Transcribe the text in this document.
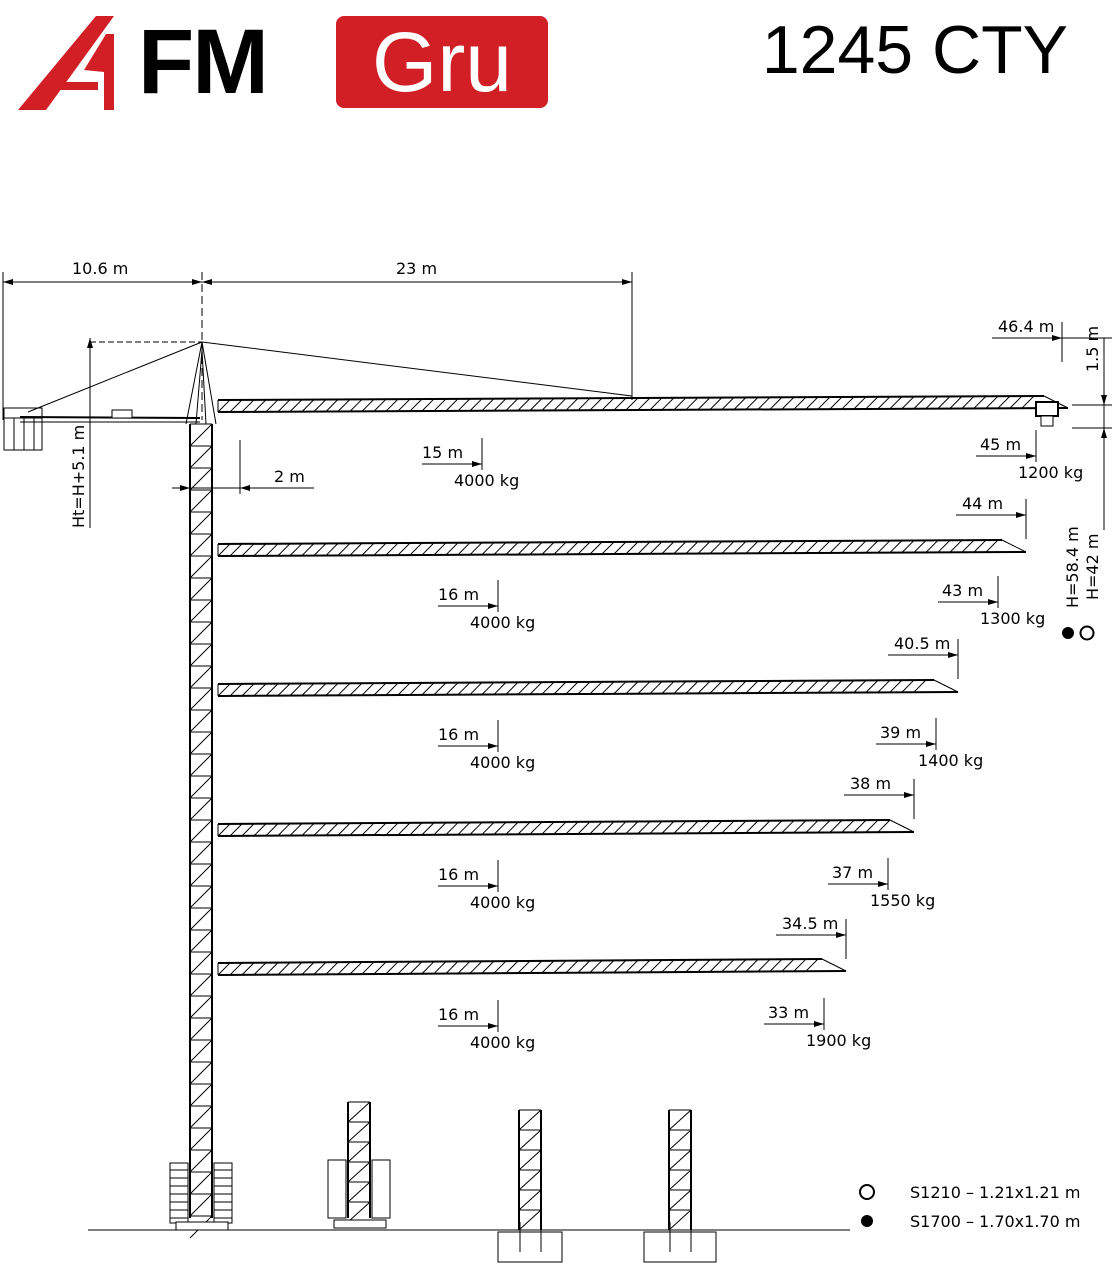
FM	Gru	1245 CTY
10.6 m	23 m
Ht=H+5.1 m	15 m
4000 kg
46.4 m
45 m
1200 kg
16 m
4000 kg
44 m
43 m
1300 kg
16 m
4000 kg
40.5 m
39 m
1400 kg
16 m
4000 kg
38 m
37 m
1550 kg
16 m
4000 kg
34.5 m
33 m
1900 kg
1.5 m
H=58.4 m H=42 m
2 m
S1210 – 1.21x1.21 m
S1700 – 1.70x1.70 m
